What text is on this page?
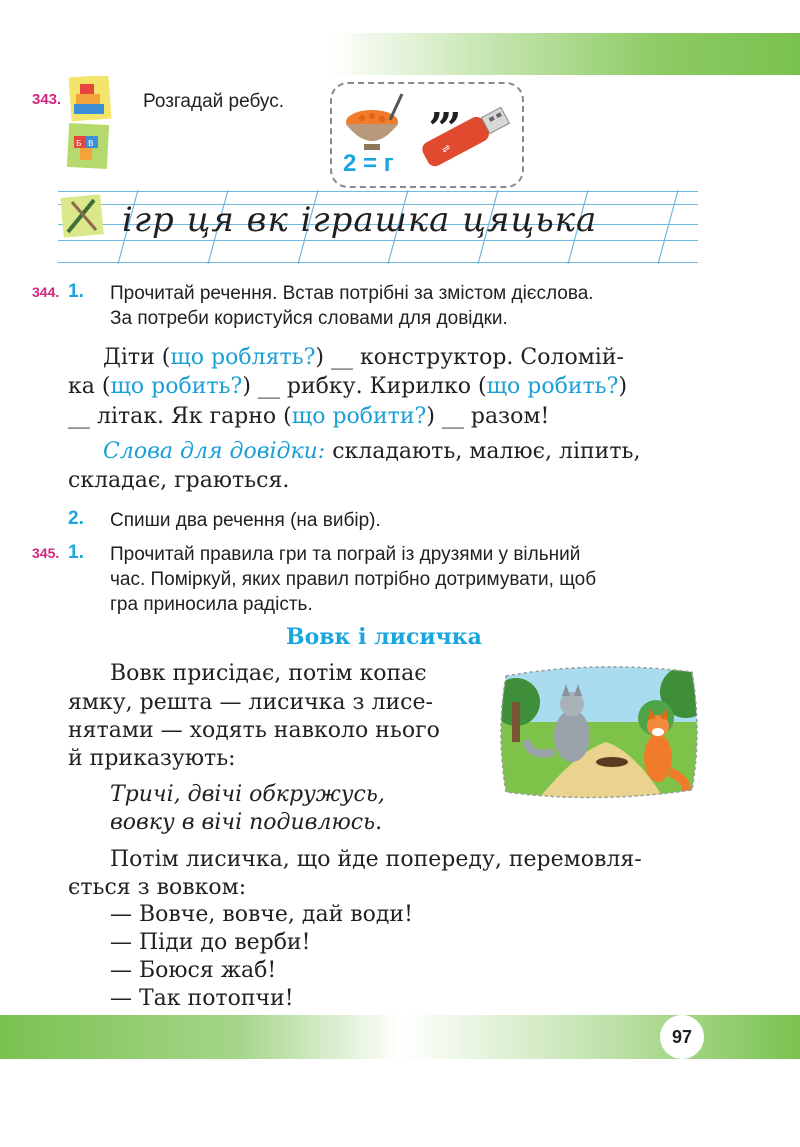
97
343.
Б В
Розгадай ребус.	,,,
2 = г
⇌
ігр ця вк іграшка цяцька
344. 1. Прочитай речення. Встав потрібні за змістом дієслова.
За потреби користуйся словами для довідки.
Діти (що роблять?) __ конструктор. Соломій-
ка (що робить?) __ рибку. Кирилко (що робить?)
__ літак. Як гарно (що робити?) __ разом!
Слова для довідки: складають, малює, ліпить,
складає, граються.
2. Спиши два речення (на вибір).
345. 1. Прочитай правила гри та пограй із друзями у вільний
час. Поміркуй, яких правил потрібно дотримувати, щоб
гра приносила радість.
Вовк і лисичка
Вовк присідає, потім копає
ямку, решта — лисичка з лисе-
нятами — ходять навколо нього
й приказують:
Тричі, двічі обкружусь,
вовку в вічі подивлюсь.
Потім лисичка, що йде попереду, перемовля-
ється з вовком:
— Вовче, вовче, дай води!
— Піди до верби!
— Боюся жаб!
— Так потопчи!
